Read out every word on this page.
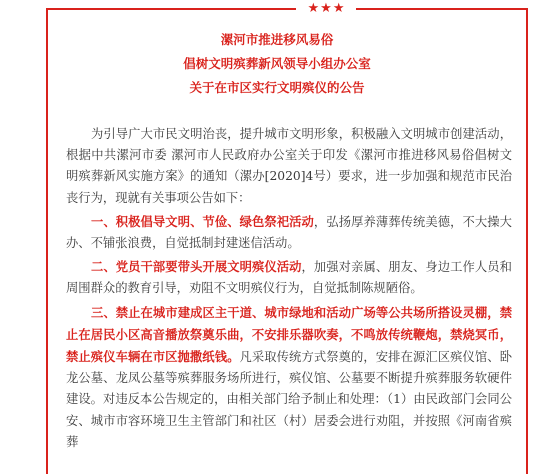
★ ★ ★
漯河市推进移风易俗
倡树文明殡葬新风领导小组办公室
关于在市区实行文明殡仪的公告

为引导广大市民文明治丧，提升城市文明形象，积极融入文明城市创建活动，根据中共漯河市委 漯河市人民政府办公室关于印发《漯河市推进移风易俗倡树文明殡葬新风实施方案》的通知（漯办[2020]4号）要求，进一步加强和规范市民治丧行为，现就有关事项公告如下：

一、积极倡导文明、节俭、绿色祭祀活动，弘扬厚养薄葬传统美德，不大操大办、不铺张浪费，自觉抵制封建迷信活动。

二、党员干部要带头开展文明殡仪活动，加强对亲属、朋友、身边工作人员和周围群众的教育引导，劝阻不文明殡仪行为，自觉抵制陈规陋俗。

三、禁止在城市建成区主干道、城市绿地和活动广场等公共场所搭设灵棚，禁止在居民小区高音播放祭奠乐曲，不安排乐器吹奏，不鸣放传统鞭炮，禁烧冥币，禁止殡仪车辆在市区抛撒纸钱。凡采取传统方式祭奠的，安排在源汇区殡仪馆、卧龙公墓、龙凤公墓等殡葬服务场所进行，殡仪馆、公墓要不断提升殡葬服务软硬件建设。对违反本公告规定的，由相关部门给予制止和处理：（1）由民政部门会同公安、城市市容环境卫生主管部门和社区（村）居委会进行劝阻，并按照《河南省殡葬
